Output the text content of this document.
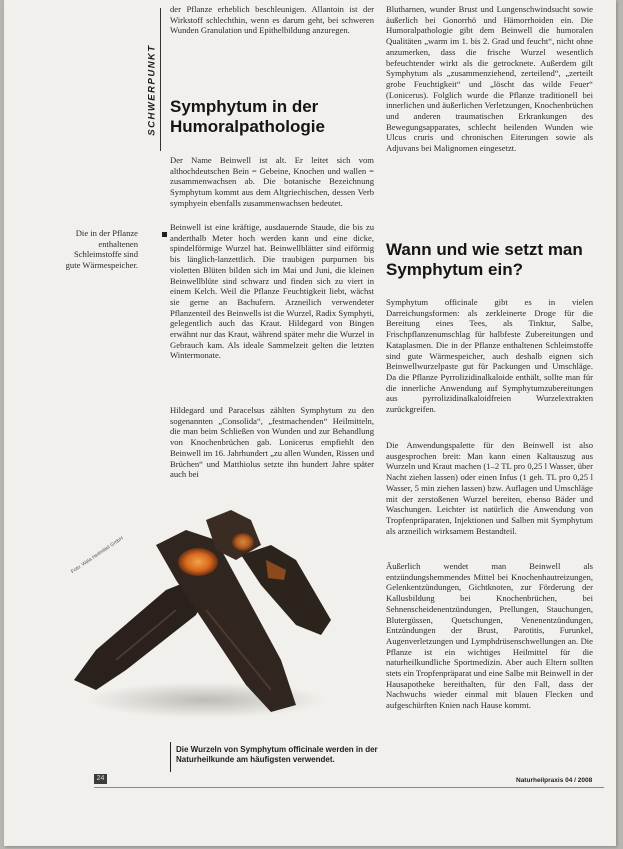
SCHWERPUNKT

der Pflanze erheblich beschleunigen. Allantoin ist der Wirkstoff schlechthin, wenn es darum geht, bei schweren Wunden Granulation und Epithelbildung anzuregen.

Symphytum in der Humoralpathologie

Der Name Beinwell ist alt. Er leitet sich vom althochdeutschen Bein = Gebeine, Knochen und wallen = zusammenwachsen ab. Die botanische Bezeichnung Symphytum kommt aus dem Altgriechischen, dessen Verb symphyein ebenfalls zusammenwachsen bedeutet.

Beinwell ist eine kräftige, ausdauernde Staude, die bis zu anderthalb Meter hoch werden kann und eine dicke, spindelförmige Wurzel hat. Beinwellblätter sind eiförmig bis länglich-lanzettlich. Die traubigen purpurnen bis violetten Blüten bilden sich im Mai und Juni, die kleinen Beinwellblüte sind schwarz und finden sich zu viert in einem Kelch. Weil die Pflanze Feuchtigkeit liebt, wächst sie gerne an Bachufern. Arzneilich verwendeter Pflanzenteil des Beinwells ist die Wurzel, Radix Symphyti, gelegentlich auch das Kraut. Hildegard von Bingen erwähnt nur das Kraut, während später mehr die Wurzel in Gebrauch kam. Als ideale Sammelzeit gelten die letzten Wintermonate.

Hildegard und Paracelsus zählten Symphytum zu den sogenannten „Consolida“, „festmachenden“ Heilmitteln, die man beim Schließen von Wunden und zur Behandlung von Knochenbrüchen gab. Lonicerus empfiehlt den Beinwell im 16. Jahrhundert „zu allen Wunden, Rissen und Brüchen“ und Matthiolus setzte ihn hundert Jahre später auch bei

Die in der Pflanze enthaltenen Schleimstoffe sind gute Wärmespeicher.

Blutharnen, wunder Brust und Lungenschwindsucht sowie äußerlich bei Gonorrhö und Hämorrhoiden ein. Die Humoralpathologie gibt dem Beinwell die humoralen Qualitäten „warm im 1. bis 2. Grad und feucht“, nicht ohne anzumerken, dass die frische Wurzel wesentlich befeuchtender wirkt als die getrocknete. Außerdem gilt Symphytum als „zusammenziehend, zerteilend“, „zerteilt grobe Feuchtigkeit“ und „löscht das wilde Feuer“ (Lonicerus). Folglich wurde die Pflanze traditionell bei innerlichen und äußerlichen Verletzungen, Knochenbrüchen und anderen traumatischen Erkrankungen des Bewegungsapparates, schlecht heilenden Wunden wie Ulcus cruris und chronischen Eiterungen sowie als Adjuvans bei Malignomen eingesetzt.

Wann und wie setzt man Symphytum ein?

Symphytum officinale gibt es in vielen Darreichungsformen: als zerkleinerte Droge für die Bereitung eines Tees, als Tinktur, Salbe, Frischpflanzenumschlag für halbfeste Zubereitungen und Kataplasmen. Die in der Pflanze enthaltenen Schleimstoffe sind gute Wärmespeicher, auch deshalb eignen sich Beinwellwurzelpaste gut für Packungen und Umschläge. Da die Pflanze Pyrrolizidinalkaloide enthält, sollte man für die innerliche Anwendung auf Symphytumzubereitungen aus pyrrolizidinalkaloidfreien Wurzelextrakten zurückgreifen.

Die Anwendungspalette für den Beinwell ist also ausgesprochen breit: Man kann einen Kaltauszug aus Wurzeln und Kraut machen (1–2 TL pro 0,25 l Wasser, über Nacht ziehen lassen) oder einen Infus (1 geh. TL pro 0,25 l Wasser, 5 min ziehen lassen) bzw. Auflagen und Umschläge mit der zerstoßenen Wurzel bereiten, ebenso Bäder und Waschungen. Leichter ist natürlich die Anwendung von Tropfenpräparaten, Injektionen und Salben mit Symphytum als arzneilich wirksamem Bestandteil.

Äußerlich wendet man Beinwell als entzündungshemmendes Mittel bei Knochenhautreizungen, Gelenkentzündungen, Gichtknoten, zur Förderung der Kallusbildung bei Knochenbrüchen, bei Sehnenscheidenentzündungen, Prellungen, Stauchungen, Blutergüssen, Quetschungen, Venenentzündungen, Entzündungen der Brust, Parotitis, Furunkel, Augenverletzungen und Lymphdrüsenschwellungen an. Die Pflanze ist ein wichtiges Heilmittel für die naturheilkundliche Sportmedizin. Aber auch Eltern sollten stets ein Tropfenpräparat und eine Salbe mit Beinwell in der Hausapotheke bereithalten, für den Fall, dass der Nachwuchs wieder einmal mit blauen Flecken und aufgeschürften Knien nach Hause kommt.

Foto: Wala Heilmittel GmbH
Die Wurzeln von Symphytum officinale werden in der Naturheilkunde am häufigsten verwendet.
24	Naturheilpraxis 04 / 2008
